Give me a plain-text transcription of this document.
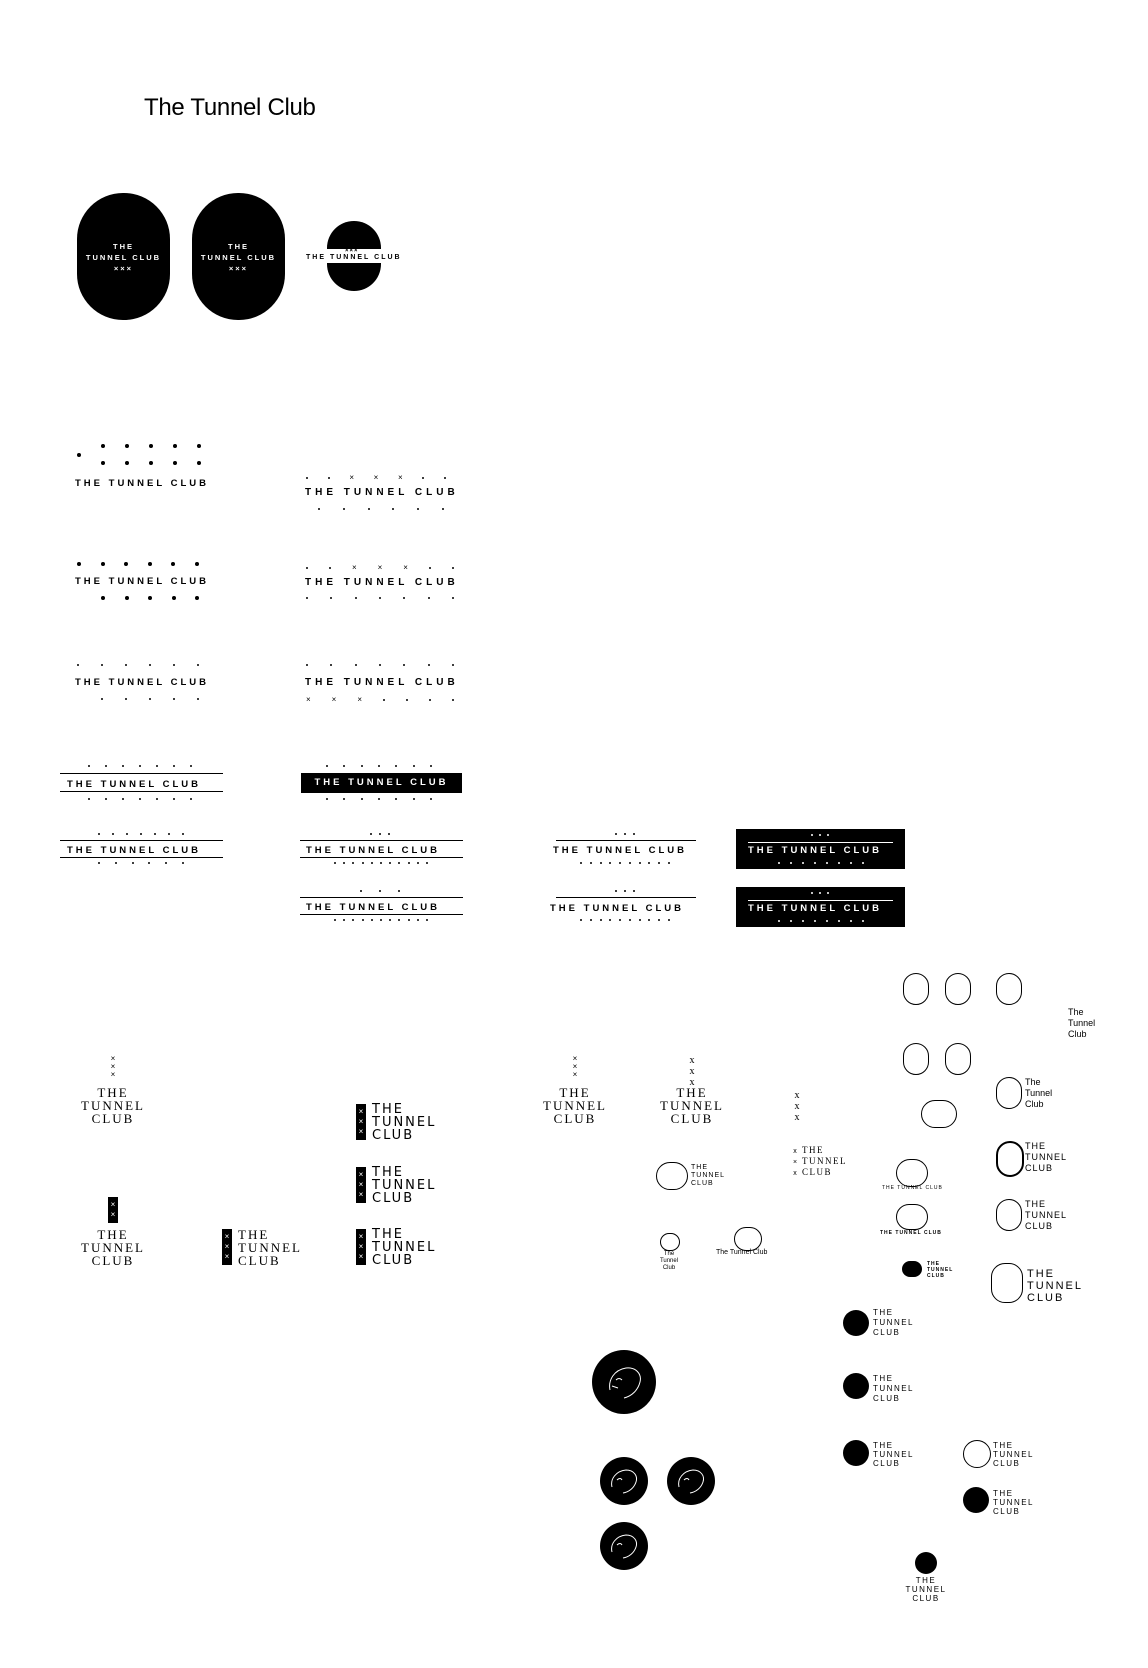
The Tunnel Club
THE
TUNNEL CLUB
×××
THE
TUNNEL CLUB
×××
×××
THE TUNNEL CLUB
THE TUNNEL CLUB
THE TUNNEL CLUB
THE TUNNEL CLUB
× × ×
THE TUNNEL CLUB
×	×	×
THE TUNNEL CLUB
THE TUNNEL CLUB
×	×	×
THE TUNNEL CLUB	THE TUNNEL CLUB
THE TUNNEL CLUB	THE TUNNEL CLUB
THE TUNNEL CLUB
THE TUNNEL CLUB
THE TUNNEL CLUB
THE TUNNEL CLUB
THE TUNNEL CLUB
×
×
×
THE
TUNNEL
CLUB
×
×
THE
TUNNEL
CLUB
×
×
×
THE
TUNNEL
CLUB
×
×
×
THE
TUNNEL
CLUB
×
×
×
THE
TUNNEL
CLUB
×
×
×
THE
TUNNEL
CLUB
×
×
×
THE
TUNNEL
CLUB
x
x
x
THE
TUNNEL
CLUB
x
x
x
x
×
x
THE
TUNNEL
CLUB
The
Tunnel
Club
The
Tunnel
Club
THE
TUNNEL
CLUB
THE TUNNEL CLUB
THE
TUNNEL
CLUB
THE
TUNNEL
CLUB
THE TUNNEL CLUB
The
Tunnel
Club
The Tunnel Club
THE
TUNNEL
CLUB	THE
TUNNEL
CLUB
THE
TUNNEL
CLUB
THE
TUNNEL
CLUB
THE
TUNNEL
CLUB
THE
TUNNEL
CLUB
THE
TUNNEL
CLUB
THE
TUNNEL
CLUB
